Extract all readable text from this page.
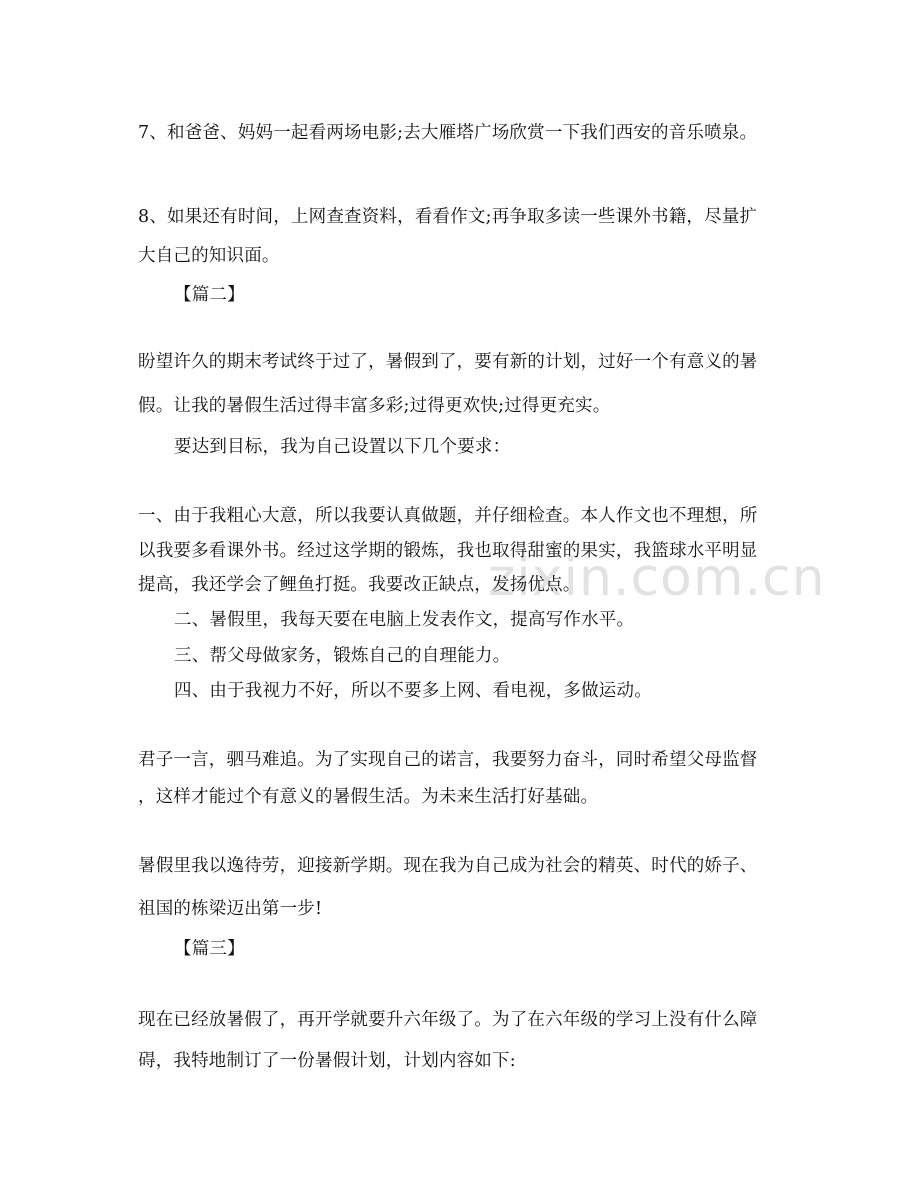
zixin.com.cn
7、和爸爸、妈妈一起看两场电影;去大雁塔广场欣赏一下我们西安的音乐喷泉。
8、如果还有时间，上网查查资料，看看作文;再争取多读一些课外书籍，尽量扩
大自己的知识面。
【篇二】
盼望许久的期末考试终于过了，暑假到了，要有新的计划，过好一个有意义的暑
假。让我的暑假生活过得丰富多彩;过得更欢快;过得更充实。
要达到目标，我为自己设置以下几个要求：
一、由于我粗心大意，所以我要认真做题，并仔细检查。本人作文也不理想，所
以我要多看课外书。经过这学期的锻炼，我也取得甜蜜的果实，我篮球水平明显
提高，我还学会了鲤鱼打挺。我要改正缺点，发扬优点。
二、暑假里，我每天要在电脑上发表作文，提高写作水平。
三、帮父母做家务，锻炼自己的自理能力。
四、由于我视力不好，所以不要多上网、看电视，多做运动。
君子一言，驷马难追。为了实现自己的诺言，我要努力奋斗，同时希望父母监督
，这样才能过个有意义的暑假生活。为未来生活打好基础。
暑假里我以逸待劳，迎接新学期。现在我为自己成为社会的精英、时代的娇子、
祖国的栋梁迈出第一步!
【篇三】
现在已经放暑假了，再开学就要升六年级了。为了在六年级的学习上没有什么障
碍，我特地制订了一份暑假计划，计划内容如下:
